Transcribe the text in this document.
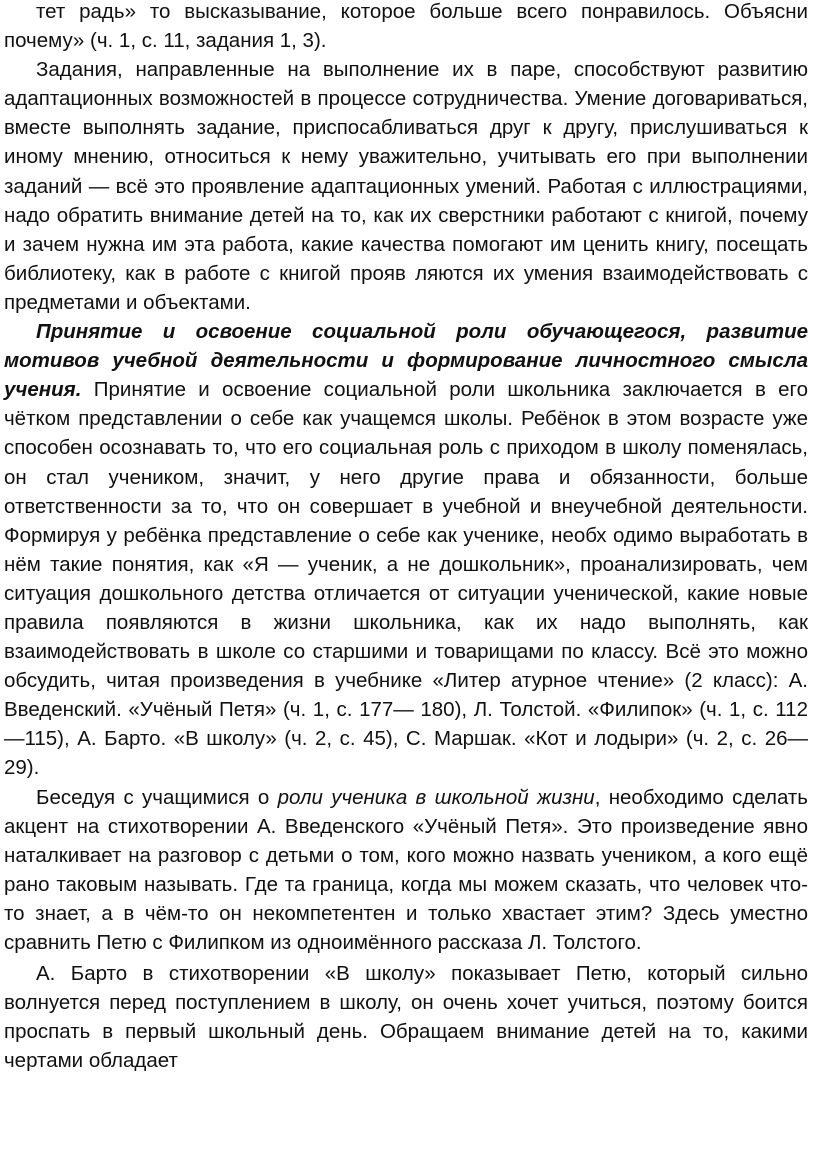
тет радь» то высказывание, которое больше всего понравилось. Объясни почему» (ч. 1, с. 11, задания 1, 3).

Задания, направленные на выполнение их в паре, способствуют развитию адаптационных возможностей в процессе сотрудничества. Умение договариваться, вместе выполнять задание, приспосабливаться друг к другу, прислушиваться к иному мнению, относиться к нему уважительно, учитывать его при выполнении заданий — всё это проявление адаптационных умений. Работая с иллюстрациями, надо обратить внимание детей на то, как их сверстники работают с книгой, почему и зачем нужна им эта работа, какие качества помогают им ценить книгу, посещать библиотеку, как в работе с книгой прояв ляются их умения взаимодействовать с предметами и объектами.

Принятие и освоение социальной роли обучающегося, развитие мотивов учебной деятельности и формирование личностного смысла учения. Принятие и освоение социальной роли школьника заключается в его чётком представлении о себе как учащемся школы. Ребёнок в этом возрасте уже способен осознавать то, что его социальная роль с приходом в школу поменялась, он стал учеником, значит, у него другие права и обязанности, больше ответственности за то, что он совершает в учебной и внеучебной деятельности. Формируя у ребёнка представление о себе как ученике, необх одимо выработать в нём такие понятия, как «Я — ученик, а не дошкольник», проанализировать, чем ситуация дошкольного детства отличается от ситуации ученической, какие новые правила появляются в жизни школьника, как их надо выполнять, как взаимодействовать в школе со старшими и товарищами по классу. Всё это можно обсудить, читая произведения в учебнике «Литер атурное чтение» (2 класс): А. Введенский. «Учёный Петя» (ч. 1, с. 177— 180), Л. Толстой. «Филипок» (ч. 1, с. 112—115), А. Барто. «В школу» (ч. 2, с. 45), С. Маршак. «Кот и лодыри» (ч. 2, с. 26—29).

Беседуя с учащимися о роли ученика в школьной жизни, необходимо сделать акцент на стихотворении А. Введенского «Учёный Петя». Это произведение явно наталкивает на разговор с детьми о том, кого можно назвать учеником, а кого ещё рано таковым называть. Где та граница, когда мы можем сказать, что человек что-то знает, а в чём-то он некомпетентен и только хвастает этим? Здесь уместно сравнить Петю с Филипком из одноимённого рассказа Л. Толстого.

А. Барто в стихотворении «В школу» показывает Петю, который сильно волнуется перед поступлением в школу, он очень хочет учиться, поэтому боится проспать в первый школьный день. Обращаем внимание детей на то, какими чертами обладает
